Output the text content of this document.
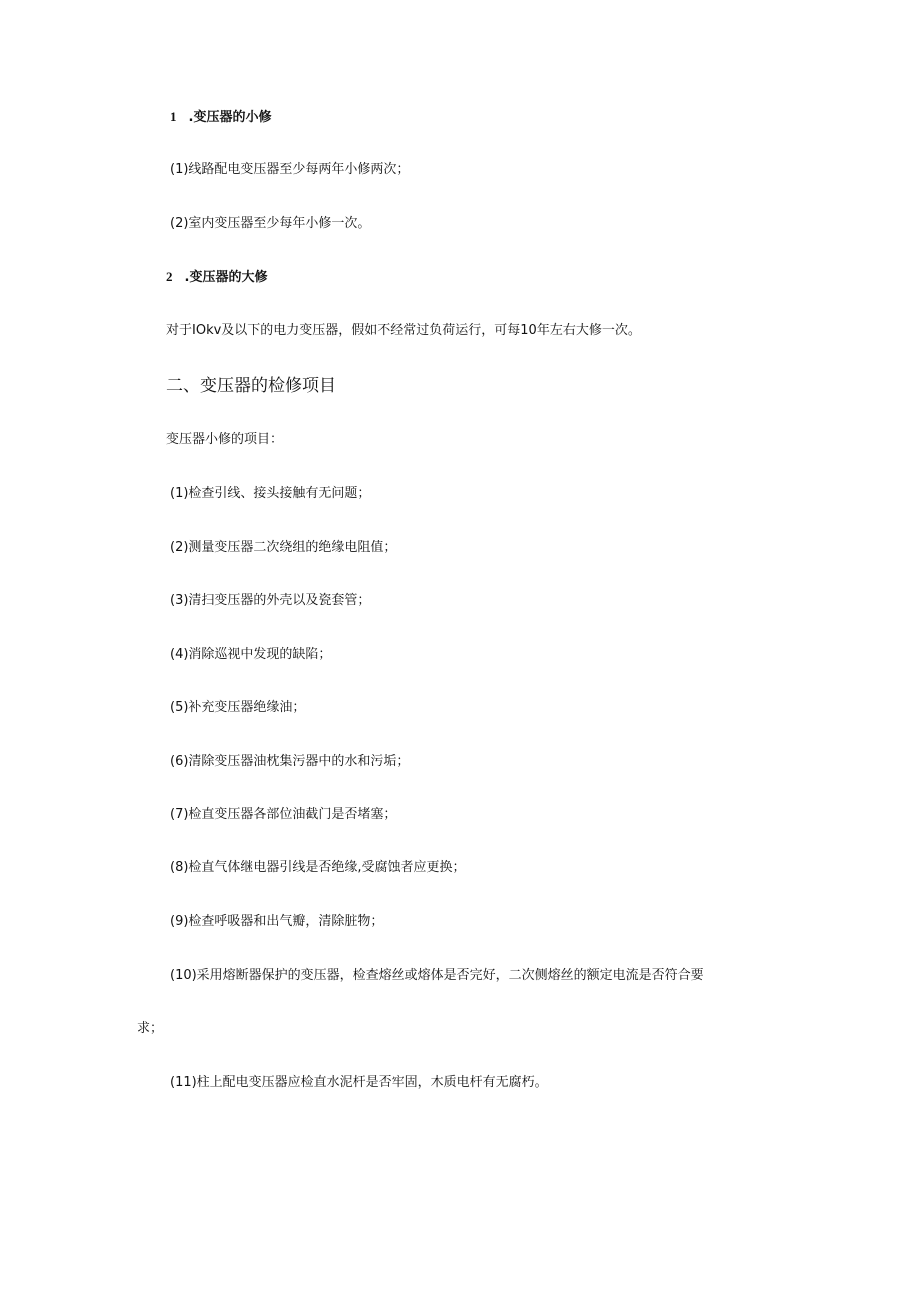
1 .变压器的小修
(1)线路配电变压器至少每两年小修两次；
(2)室内变压器至少每年小修一次。
2 .变压器的大修
对于IOkv及以下的电力变压器，假如不经常过负荷运行，可每10年左右大修一次。
二、变压器的检修项目
变压器小修的项目：
(1)检查引线、接头接触有无问题；
(2)测量变压器二次绕组的绝缘电阻值；
(3)清扫变压器的外壳以及瓷套管；
(4)消除巡视中发现的缺陷；
(5)补充变压器绝缘油；
(6)清除变压器油枕集污器中的水和污垢；
(7)检直变压器各部位油截门是否堵塞；
(8)检直气体继电器引线是否绝缘,受腐蚀者应更换；
(9)检查呼吸器和出气瓣，清除脏物；
(10)采用熔断器保护的变压器，检查熔丝或熔体是否完好，二次侧熔丝的额定电流是否符合要
求；
(11)柱上配电变压器应检直水泥杆是否牢固，木质电杆有无腐朽。
